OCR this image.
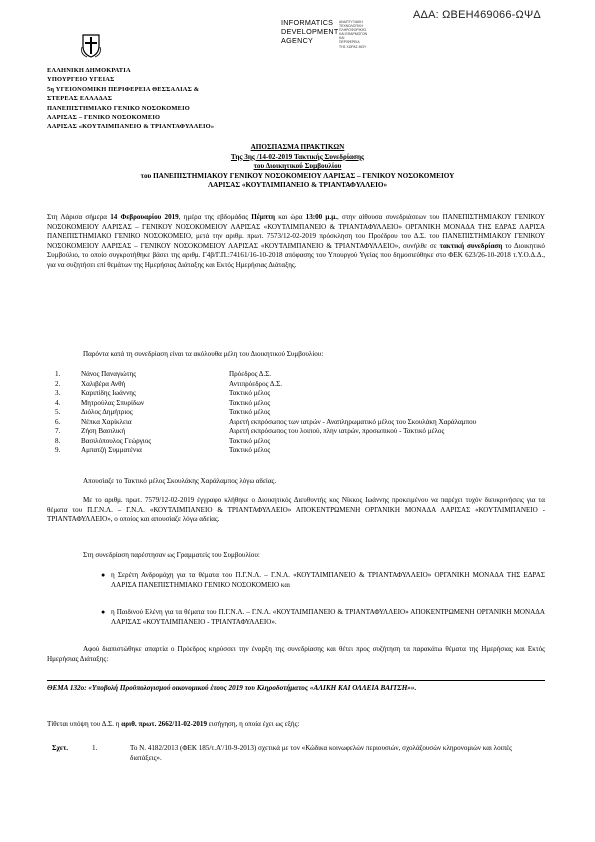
ΑΔΑ: ΩΒΕΗ469066-ΩΨΔ
INFORMATICS
DEVELOPMENT
AGENCY
ΑΝΑΠΤΥΞΙΑΚΗ
ΤΕΧΝΟΛΟΓΙΚΗ
ΠΛΗΡΟΦΟΡΙΚΗΣ
ΚΑΙ ΕΦΑΡΜΟΓΩΝ
ΚΑΙ
ΠΕΡΙΦΕΡΕΙΑ
ΤΗΣ ΧΩΡΑΣ ΜΟΥ
ΕΛΛΗΝΙΚΗ ΔΗΜΟΚΡΑΤΙΑ
ΥΠΟΥΡΓΕΙΟ ΥΓΕΙΑΣ
5η ΥΓΕΙΟΝΟΜΙΚΗ ΠΕΡΙΦΕΡΕΙΑ ΘΕΣΣΑΛΙΑΣ &
ΣΤΕΡΕΑΣ ΕΛΛΑΔΑΣ
ΠΑΝΕΠΙΣΤΗΜΙΑΚΟ ΓΕΝΙΚΟ ΝΟΣΟΚΟΜΕΙΟ
ΛΑΡΙΣΑΣ – ΓΕΝΙΚΟ ΝΟΣΟΚΟΜΕΙΟ
ΛΑΡΙΣΑΣ «ΚΟΥΤΛΙΜΠΑΝΕΙΟ & ΤΡΙΑΝΤΑΦΥΛΛΕΙΟ»
ΑΠΟΣΠΑΣΜΑ ΠΡΑΚΤΙΚΩΝ
Της 3ης /14-02-2019 Τακτικής Συνεδρίασης
του Διοικητικού Συμβουλίου
του ΠΑΝΕΠΙΣΤΗΜΙΑΚΟΥ ΓΕΝΙΚΟΥ ΝΟΣΟΚΟΜΕΙΟΥ ΛΑΡΙΣΑΣ – ΓΕΝΙΚΟΥ ΝΟΣΟΚΟΜΕΙΟΥ
ΛΑΡΙΣΑΣ «ΚΟΥΤΛΙΜΠΑΝΕΙΟ & ΤΡΙΑΝΤΑΦΥΛΛΕΙΟ»
Στη Λάρισα σήμερα 14 Φεβρουαρίου 2019, ημέρα της εβδομάδας Πέμπτη και ώρα 13:00 μ.μ., στην αίθουσα συνεδριάσεων του ΠΑΝΕΠΙΣΤΗΜΙΑΚΟΥ ΓΕΝΙΚΟΥ ΝΟΣΟΚΟΜΕΙΟΥ ΛΑΡΙΣΑΣ – ΓΕΝΙΚΟΥ ΝΟΣΟΚΟΜΕΙΟΥ ΛΑΡΙΣΑΣ «ΚΟΥΤΛΙΜΠΑΝΕΙΟ & ΤΡΙΑΝΤΑΦΥΛΛΕΙΟ» ΟΡΓΑΝΙΚΗ ΜΟΝΑΔΑ ΤΗΣ ΕΔΡΑΣ ΛΑΡΙΣΑ ΠΑΝΕΠΙΣΤΗΜΙΑΚΟ ΓΕΝΙΚΟ ΝΟΣΟΚΟΜΕΙΟ, μετά την αριθμ. πρωτ. 7573/12-02-2019 πρόσκληση του Προέδρου του Δ.Σ. του ΠΑΝΕΠΙΣΤΗΜΙΑΚΟΥ ΓΕΝΙΚΟΥ ΝΟΣΟΚΟΜΕΙΟΥ ΛΑΡΙΣΑΣ – ΓΕΝΙΚΟΥ ΝΟΣΟΚΟΜΕΙΟΥ ΛΑΡΙΣΑΣ «ΚΟΥΤΛΙΜΠΑΝΕΙΟ & ΤΡΙΑΝΤΑΦΥΛΛΕΙΟ», συνήλθε σε τακτική συνεδρίαση το Διοικητικό Συμβούλιο, το οποίο συγκροτήθηκε βάσει της αριθμ. Γ4β/Γ.Π.:74161/16-10-2018 απόφασης του Υπουργού Υγείας που δημοσιεύθηκε στο ΦΕΚ 623/26-10-2018 τ.Υ.Ο.Δ.Δ., για να συζητήσει επί θεμάτων της Ημερήσιας Διάταξης και Εκτός Ημερήσιας Διάταξης.
Παρόντα κατά τη συνεδρίαση είναι τα ακόλουθα μέλη του Διοικητικού Συμβουλίου:
1.	Νάνος Παναγιώτης	Πρόεδρος Δ.Σ.
2.	Χαλιβέρα Ανθή	Αντιπρόεδρος Δ.Σ.
3.	Καριπίδης Ιωάννης	Τακτικό μέλος
4.	Μητρούλας Σπυρίδων	Τακτικό μέλος
5.	Διόλος Δημήτριος	Τακτικό μέλος
6.	Νέπκα Χαρίκλεια	Αιρετή εκπρόσωπος των ιατρών - Αναπληρωματικό μέλος του Σκουλάκη Χαράλαμπου
7.	Ζήση Βασιλική	Αιρετή εκπρόσωπος του λοιπού, πλην ιατρών, προσωπικού - Τακτικό μέλος
8.	Βασιλόπουλος Γεώργιος	Τακτικό μέλος
9.	Αμπατζή Συμματένια	Τακτικό μέλος
Απουσίαζε το Τακτικό μέλος Σκουλάκης Χαράλαμπος λόγω αδείας.
Με το αριθμ. πρωτ. 7579/12-02-2019 έγγραφο κλήθηκε ο Διοικητικός Διευθυντής κος Νίκκος Ιωάννης προκειμένου να παρέχει τυχόν διευκρινήσεις για τα θέματα του Π.Γ.Ν.Λ. – Γ.Ν.Λ. «ΚΟΥΤΛΙΜΠΑΝΕΙΟ & ΤΡΙΑΝΤΑΦΥΛΛΕΙΟ» ΑΠΟΚΕΝΤΡΩΜΕΝΗ ΟΡΓΑΝΙΚΗ ΜΟΝΑΔΑ ΛΑΡΙΣΑΣ «ΚΟΥΤΛΙΜΠΑΝΕΙΟ - ΤΡΙΑΝΤΑΦΥΛΛΕΙΟ», ο οποίος και απουσίαζε λόγω αδείας.
Στη συνεδρίαση παρέστησαν ως Γραμματείς του Συμβουλίου:
● η Σερέτη Ανδρομάχη για τα θέματα του Π.Γ.Ν.Λ. – Γ.Ν.Λ. «ΚΟΥΤΛΙΜΠΑΝΕΙΟ & ΤΡΙΑΝΤΑΦΥΛΛΕΙΟ» ΟΡΓΑΝΙΚΗ ΜΟΝΑΔΑ ΤΗΣ ΕΔΡΑΣ ΛΑΡΙΣΑ ΠΑΝΕΠΙΣΤΗΜΙΑΚΟ ΓΕΝΙΚΟ ΝΟΣΟΚΟΜΕΙΟ και
● η Παιδινού Ελένη για τα θέματα του Π.Γ.Ν.Λ. – Γ.Ν.Λ. «ΚΟΥΤΛΙΜΠΑΝΕΙΟ & ΤΡΙΑΝΤΑΦΥΛΛΕΙΟ» ΑΠΟΚΕΝΤΡΩΜΕΝΗ ΟΡΓΑΝΙΚΗ ΜΟΝΑΔΑ ΛΑΡΙΣΑΣ «ΚΟΥΤΛΙΜΠΑΝΕΙΟ - ΤΡΙΑΝΤΑΦΥΛΛΕΙΟ».
Αφού διαπιστώθηκε απαρτία ο Πρόεδρος κηρύσσει την έναρξη της συνεδρίασης και θέτει προς συζήτηση τα παρακάτω θέματα της Ημερήσιας και Εκτός Ημερήσιας Διάταξης:
ΘΕΜΑ 132ο: «Υποβολή Προϋπολογισμού οικονομικού έτους 2019 του Κληροδοτήματος «ΑΛΙΚΗ ΚΑΙ ΟΛΛΕΙΑ ΒΑΙΤΣΗ»».
Τίθεται υπόψη του Δ.Σ. η αριθ. πρωτ. 2662/11-02-2019 εισήγηση, η οποία έχει ως εξής:
Σχετ.	1.	Το Ν. 4182/2013 (ΦΕΚ 185/τ.Α'/10-9-2013) σχετικά με τον «Κώδικα κοινωφελών περιουσιών, σχολάζουσών κληρονομιών και λοιπές διατάξεις».
